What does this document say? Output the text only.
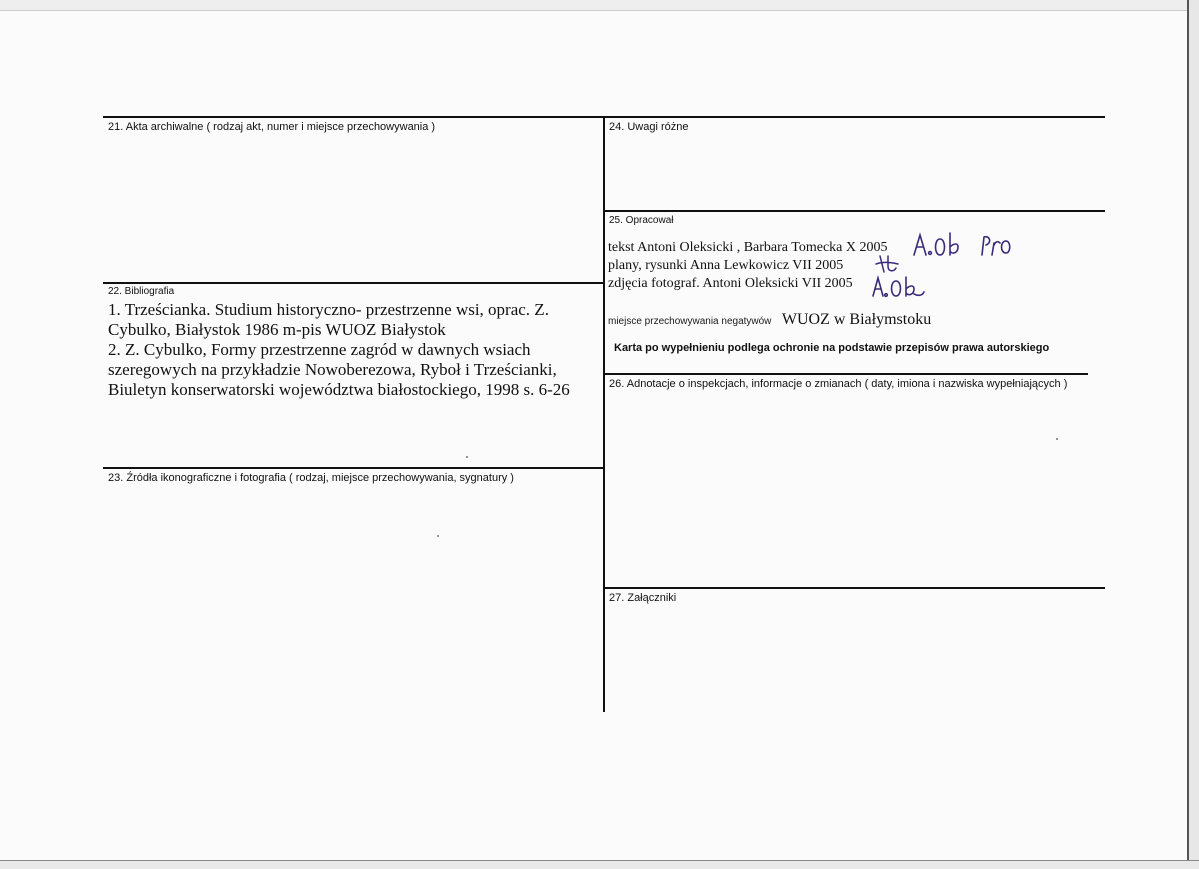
21. Akta archiwalne ( rodzaj akt, numer i miejsce przechowywania )
22. Bibliografia
1. Trześcianka. Studium historyczno- przestrzenne wsi, oprac. Z.
Cybulko, Białystok 1986 m-pis WUOZ Białystok
2. Z. Cybulko, Formy przestrzenne zagród w dawnych wsiach
szeregowych na przykładzie Nowoberezowa, Ryboł i Trześcianki,
Biuletyn konserwatorski województwa białostockiego, 1998 s. 6-26
23. Źródła ikonograficzne i fotografia ( rodzaj, miejsce przechowywania, sygnatury )
24. Uwagi różne
25. Opracował
tekst Antoni Oleksicki , Barbara Tomecka X 2005
plany, rysunki Anna Lewkowicz VII 2005
zdjęcia fotograf. Antoni Oleksicki VII 2005
miejsce przechowywania negatywów WUOZ w Białymstoku
Karta po wypełnieniu podlega ochronie na podstawie przepisów prawa autorskiego
26. Adnotacje o inspekcjach, informacje o zmianach ( daty, imiona i nazwiska wypełniających )
27. Załączniki
